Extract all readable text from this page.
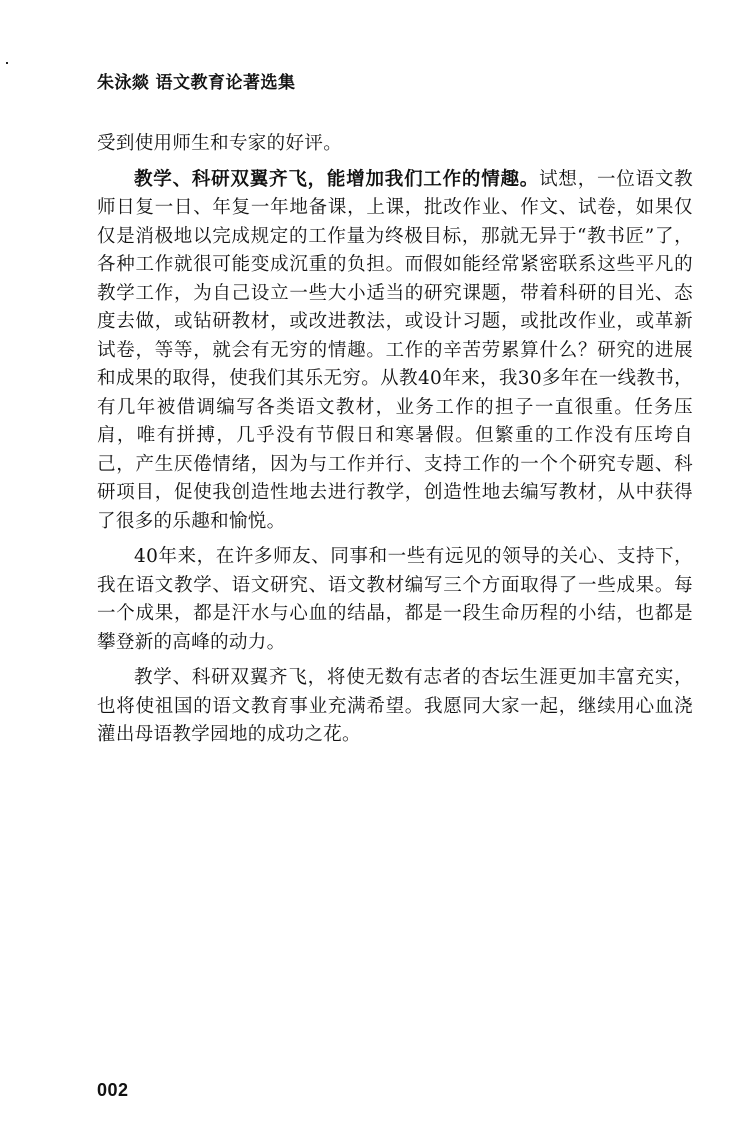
朱泳燚 语文教育论著选集

受到使用师生和专家的好评。

教学、科研双翼齐飞，能增加我们工作的情趣。试想，一位语文教师日复一日、年复一年地备课，上课，批改作业、作文、试卷，如果仅仅是消极地以完成规定的工作量为终极目标，那就无异于“教书匠”了，各种工作就很可能变成沉重的负担。而假如能经常紧密联系这些平凡的教学工作，为自己设立一些大小适当的研究课题，带着科研的目光、态度去做，或钻研教材，或改进教法，或设计习题，或批改作业，或革新试卷，等等，就会有无穷的情趣。工作的辛苦劳累算什么？研究的进展和成果的取得，使我们其乐无穷。从教40年来，我30多年在一线教书，有几年被借调编写各类语文教材，业务工作的担子一直很重。任务压肩，唯有拼搏，几乎没有节假日和寒暑假。但繁重的工作没有压垮自己，产生厌倦情绪，因为与工作并行、支持工作的一个个研究专题、科研项目，促使我创造性地去进行教学，创造性地去编写教材，从中获得了很多的乐趣和愉悦。

40年来，在许多师友、同事和一些有远见的领导的关心、支持下，我在语文教学、语文研究、语文教材编写三个方面取得了一些成果。每一个成果，都是汗水与心血的结晶，都是一段生命历程的小结，也都是攀登新的高峰的动力。

教学、科研双翼齐飞，将使无数有志者的杏坛生涯更加丰富充实，也将使祖国的语文教育事业充满希望。我愿同大家一起，继续用心血浇灌出母语教学园地的成功之花。

002
